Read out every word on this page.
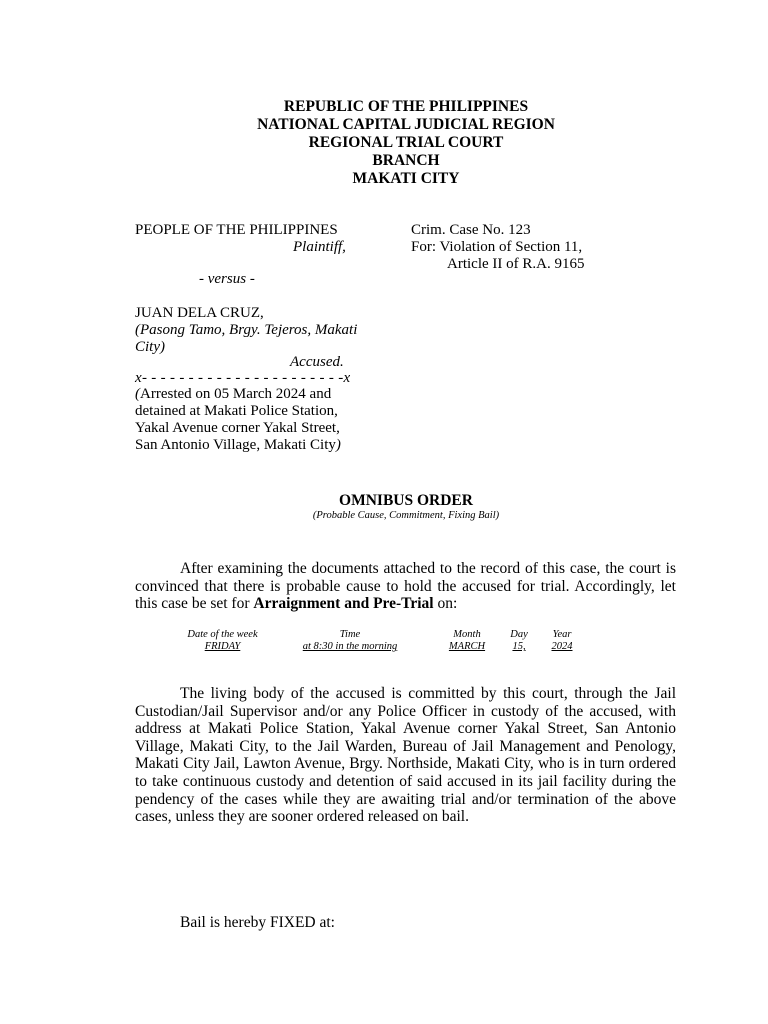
REPUBLIC OF THE PHILIPPINES
NATIONAL CAPITAL JUDICIAL REGION
REGIONAL TRIAL COURT
BRANCH
MAKATI CITY
PEOPLE OF THE PHILIPPINES
Plaintiff,
- versus -
JUAN DELA CRUZ,
(Pasong Tamo, Brgy. Tejeros, Makati
City)
Accused.
x- - - - - - - - - - - - - - - - - - - - - -x
(Arrested on 05 March 2024 and
detained at Makati Police Station,
Yakal Avenue corner Yakal Street,
San Antonio Village, Makati City)
Crim. Case No. 123
For: Violation of Section 11,
Article II of R.A. 9165
OMNIBUS ORDER
(Probable Cause, Commitment, Fixing Bail)
After examining the documents attached to the record of this case, the court is convinced that there is probable cause to hold the accused for trial. Accordingly, let this case be set for Arraignment and Pre-Trial on:
Date of the week
FRIDAY
Time
at 8:30 in the morning
Month
MARCH
Day
15,
Year
2024
The living body of the accused is committed by this court, through the Jail Custodian/Jail Supervisor and/or any Police Officer in custody of the accused, with address at Makati Police Station, Yakal Avenue corner Yakal Street, San Antonio Village, Makati City, to the Jail Warden, Bureau of Jail Management and Penology, Makati City Jail, Lawton Avenue, Brgy. Northside, Makati City, who is in turn ordered to take continuous custody and detention of said accused in its jail facility during the pendency of the cases while they are awaiting trial and/or termination of the above cases, unless they are sooner ordered released on bail.
Bail is hereby FIXED at:
